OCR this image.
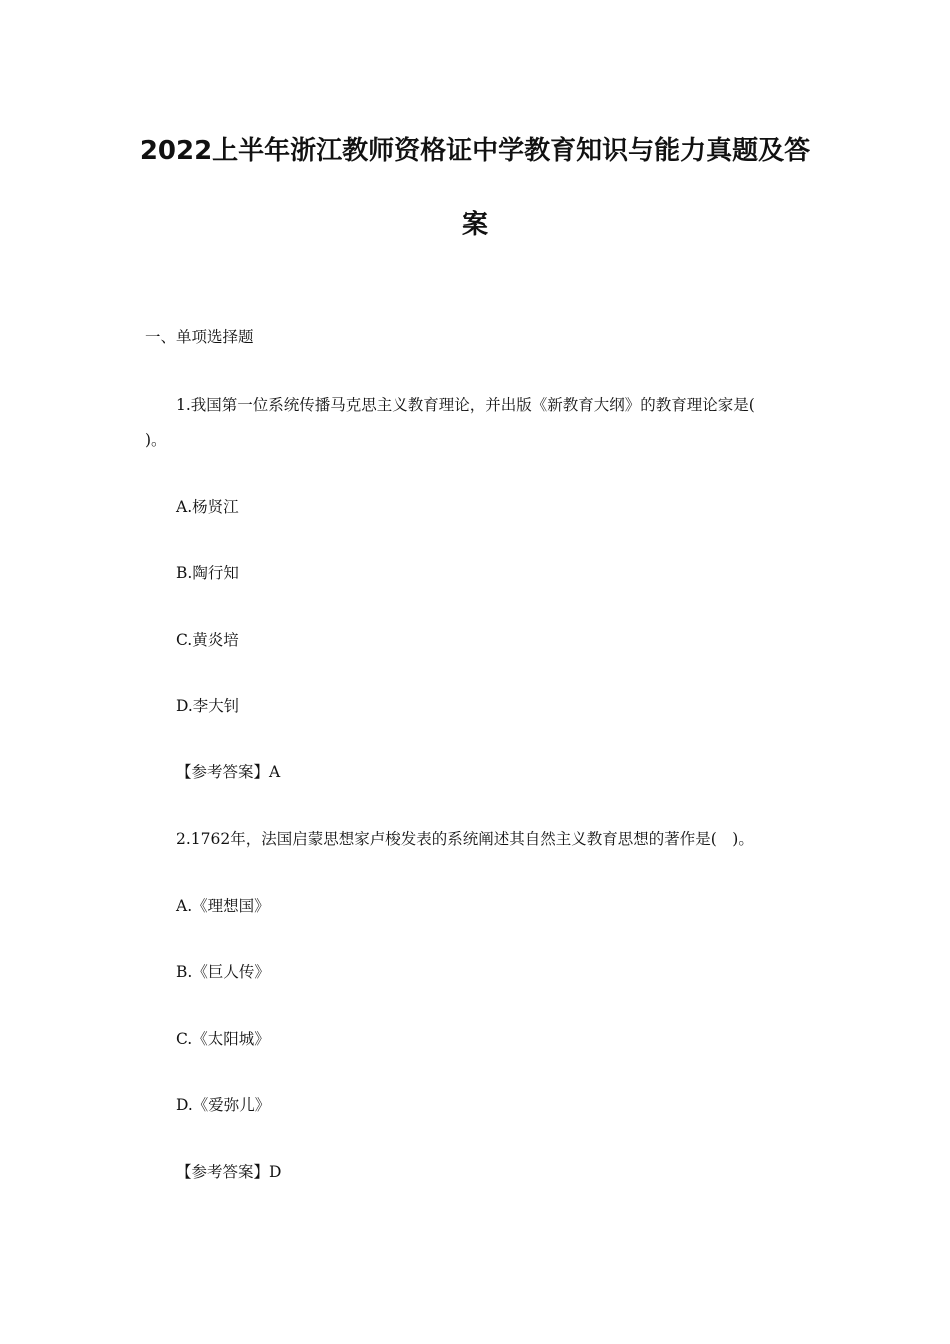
2022上半年浙江教师资格证中学教育知识与能力真题及答
案
一、单项选择题
1.我国第一位系统传播马克思主义教育理论，并出版《新教育大纲》的教育理论家是(
)。
A.杨贤江
B.陶行知
C.黄炎培
D.李大钊
【参考答案】A
2.1762年，法国启蒙思想家卢梭发表的系统阐述其自然主义教育思想的著作是(　)。
A.《理想国》
B.《巨人传》
C.《太阳城》
D.《爱弥儿》
【参考答案】D
